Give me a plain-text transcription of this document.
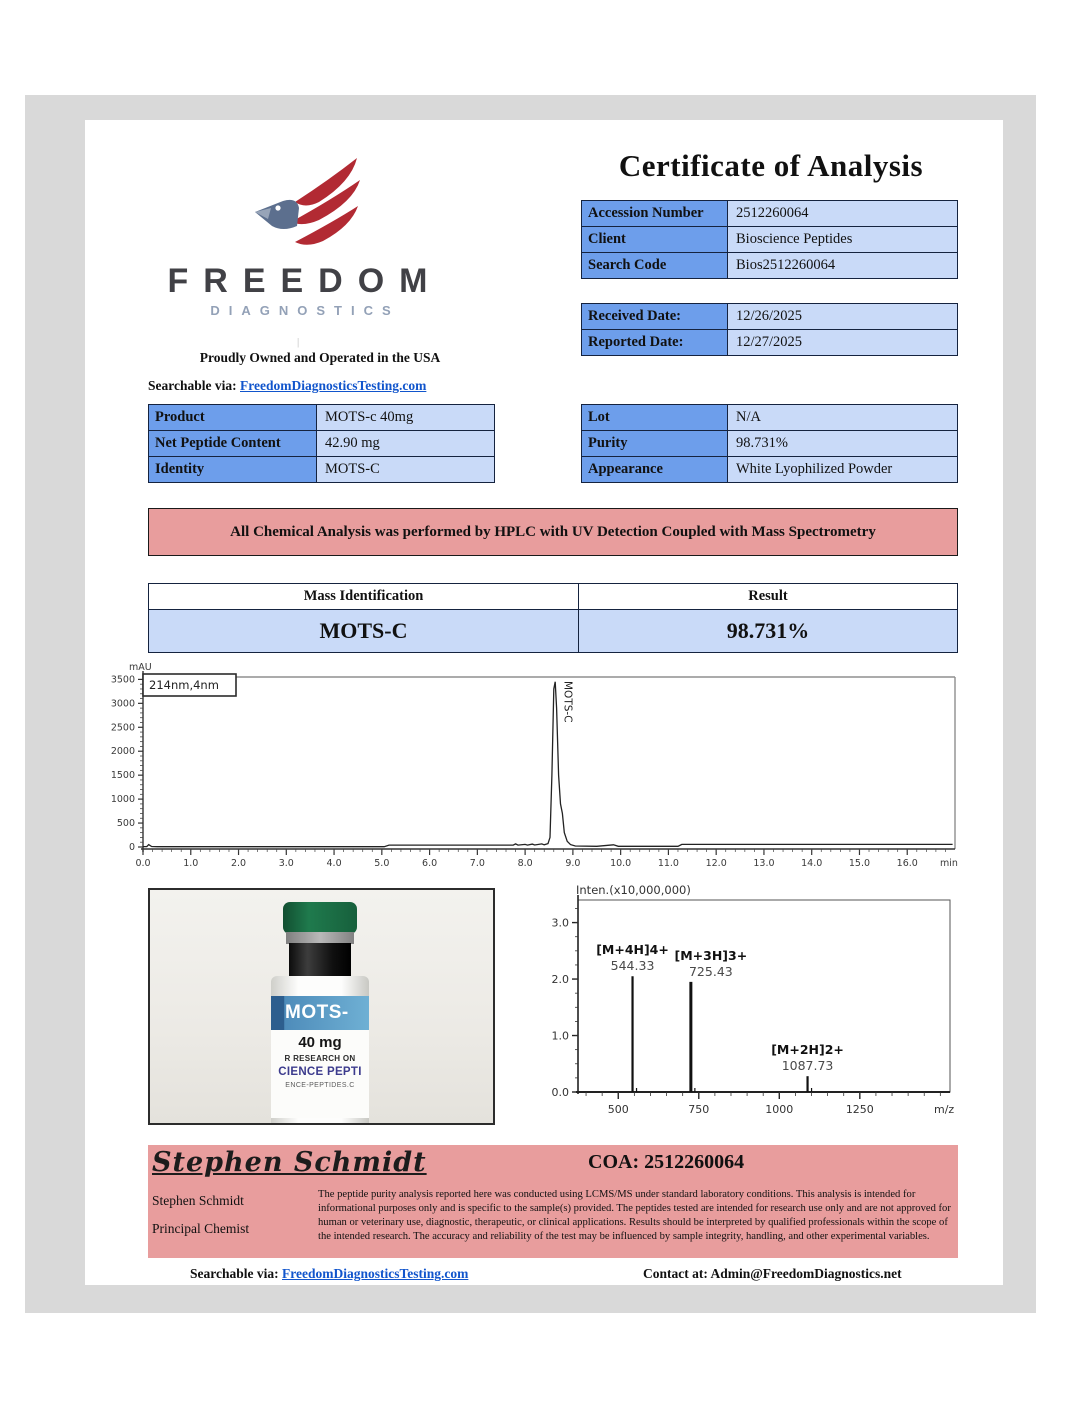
FREEDOM
DIAGNOSTICS
|
Proudly Owned and Operated in the USA
Searchable via: FreedomDiagnosticsTesting.com
Certificate of Analysis
Accession Number	2512260064
Client	Bioscience Peptides
Search Code	Bios2512260064
Received Date:	12/26/2025
Reported Date:	12/27/2025
Product	MOTS-c 40mg
Net Peptide Content	42.90 mg
Identity	MOTS-C
Lot	N/A
Purity	98.731%
Appearance	White Lyophilized Powder
All Chemical Analysis was performed by HPLC with UV Detection Coupled with Mass Spectrometry
Mass Identification	Result
MOTS-C	98.731%
0
500
1000
1500
2000
2500
3000
3500
mAU
0.0	1.0	2.0	3.0	4.0	5.0	6.0	7.0	8.0	9.0	10.0	11.0	12.0	13.0	14.0	15.0	16.0 min
214nm,4nm	MOTS-C
MOTS-
40 mg
R RESEARCH ON
CIENCE PEPTI
ENCE-PEPTIDES.C
0.0
1.0
2.0
3.0
Inten.(x10,000,000)
500	750	1000	1250	m/z
[M+4H]4+
544.33
[M+3H]3+
725.43
[M+2H]2+
1087.73
Stephen Schmidt
Stephen Schmidt
Principal Chemist
COA: 2512260064
The peptide purity analysis reported here was conducted using LCMS/MS under standard laboratory conditions. This analysis is intended for informational purposes only and is specific to the sample(s) provided. The peptides tested are intended for research use only and are not approved for human or veterinary use, diagnostic, therapeutic, or clinical applications. Results should be interpreted by qualified professionals within the scope of the intended research. The accuracy and reliability of the test may be influenced by sample integrity, handling, and other experimental variables.
Searchable via: FreedomDiagnosticsTesting.com	Contact at: Admin@FreedomDiagnostics.net
